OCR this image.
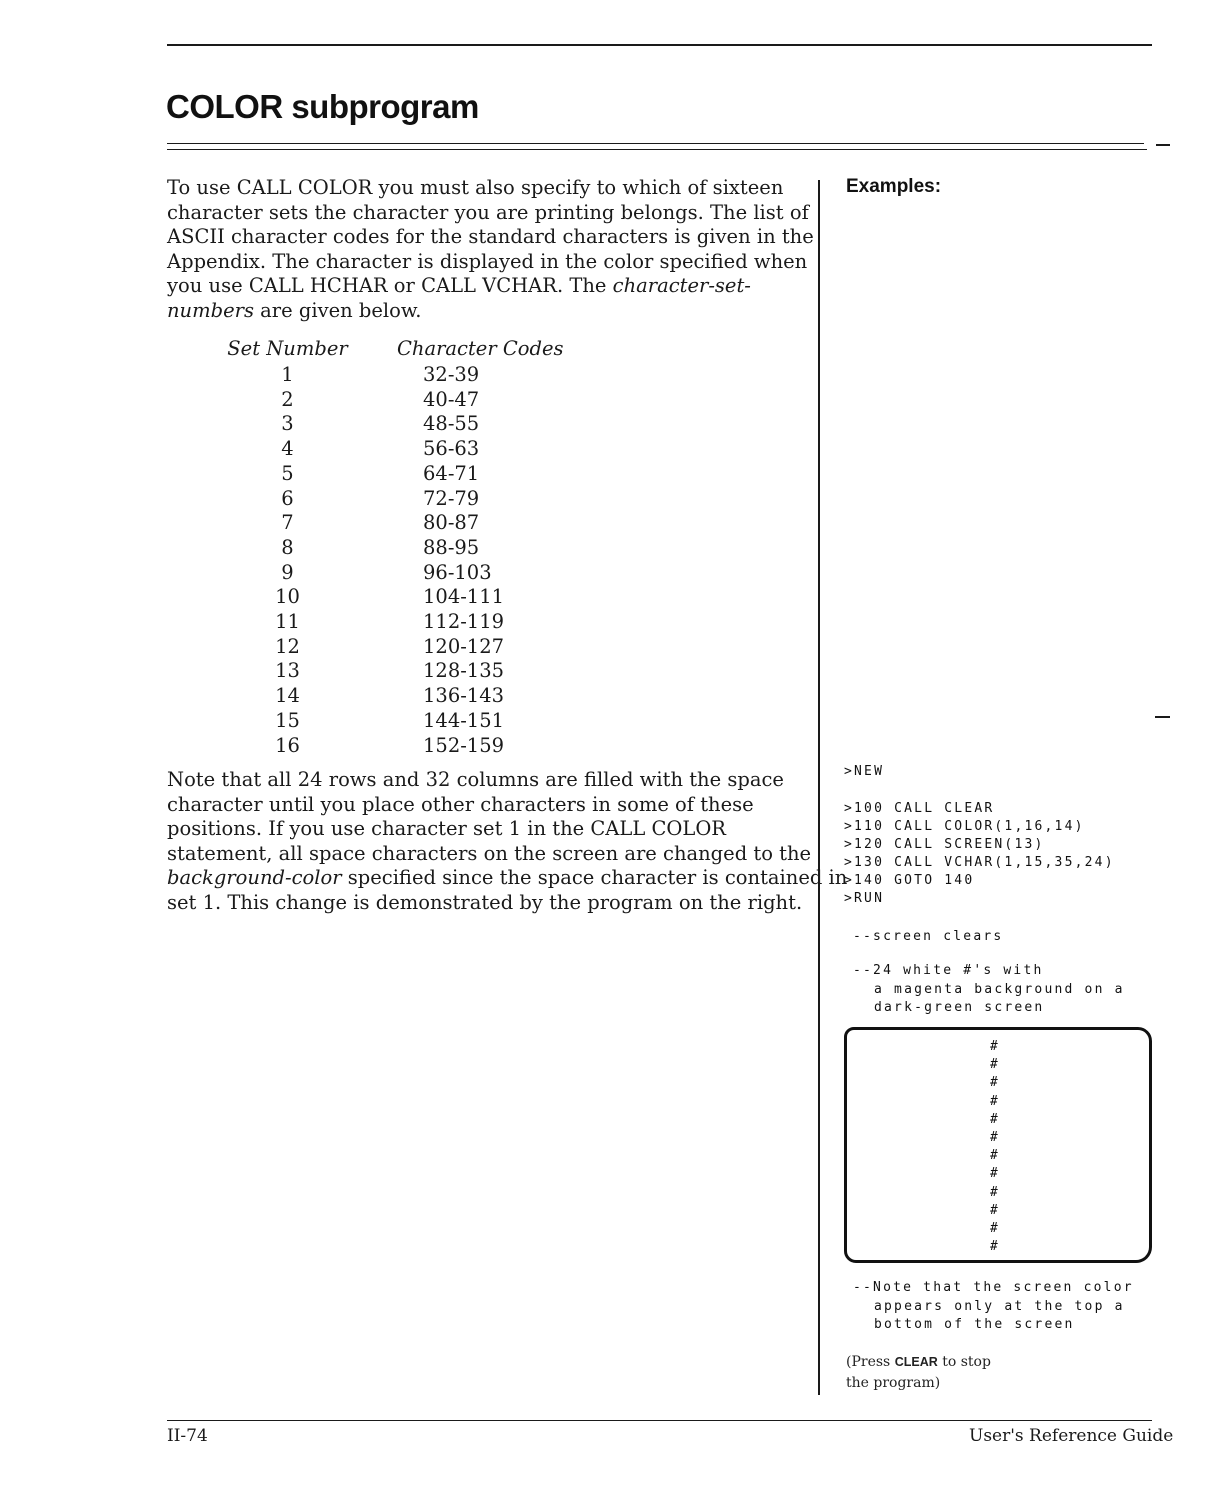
COLOR subprogram
To use CALL COLOR you must also specify to which of sixteen
character sets the character you are printing belongs. The list of
ASCII character codes for the standard characters is given in the
Appendix. The character is displayed in the color specified when
you use CALL HCHAR or CALL VCHAR. The character-set-
numbers are given below.
Set Number	Character Codes
1	32-39
2	40-47
3	48-55
4	56-63
5	64-71
6	72-79
7	80-87
8	88-95
9	96-103
10	104-111
11	112-119
12	120-127
13	128-135
14	136-143
15	144-151
16	152-159
Note that all 24 rows and 32 columns are filled with the space
character until you place other characters in some of these
positions. If you use character set 1 in the CALL COLOR
statement, all space characters on the screen are changed to the
background-color specified since the space character is contained in
set 1. This change is demonstrated by the program on the right.
Examples:
>NEW
>100 CALL CLEAR
>110 CALL COLOR(1,16,14)
>120 CALL SCREEN(13)
>130 CALL VCHAR(1,15,35,24)
>140 GOTO 140
>RUN
--screen clears
--24 white #'s with
a magenta background on a
dark-green screen
#
#
#
#
#
#
#
#
#
#
#
#
--Note that the screen color
appears only at the top a
bottom of the screen
(Press CLEAR to stop
the program)
II-74	User's Reference Guide
